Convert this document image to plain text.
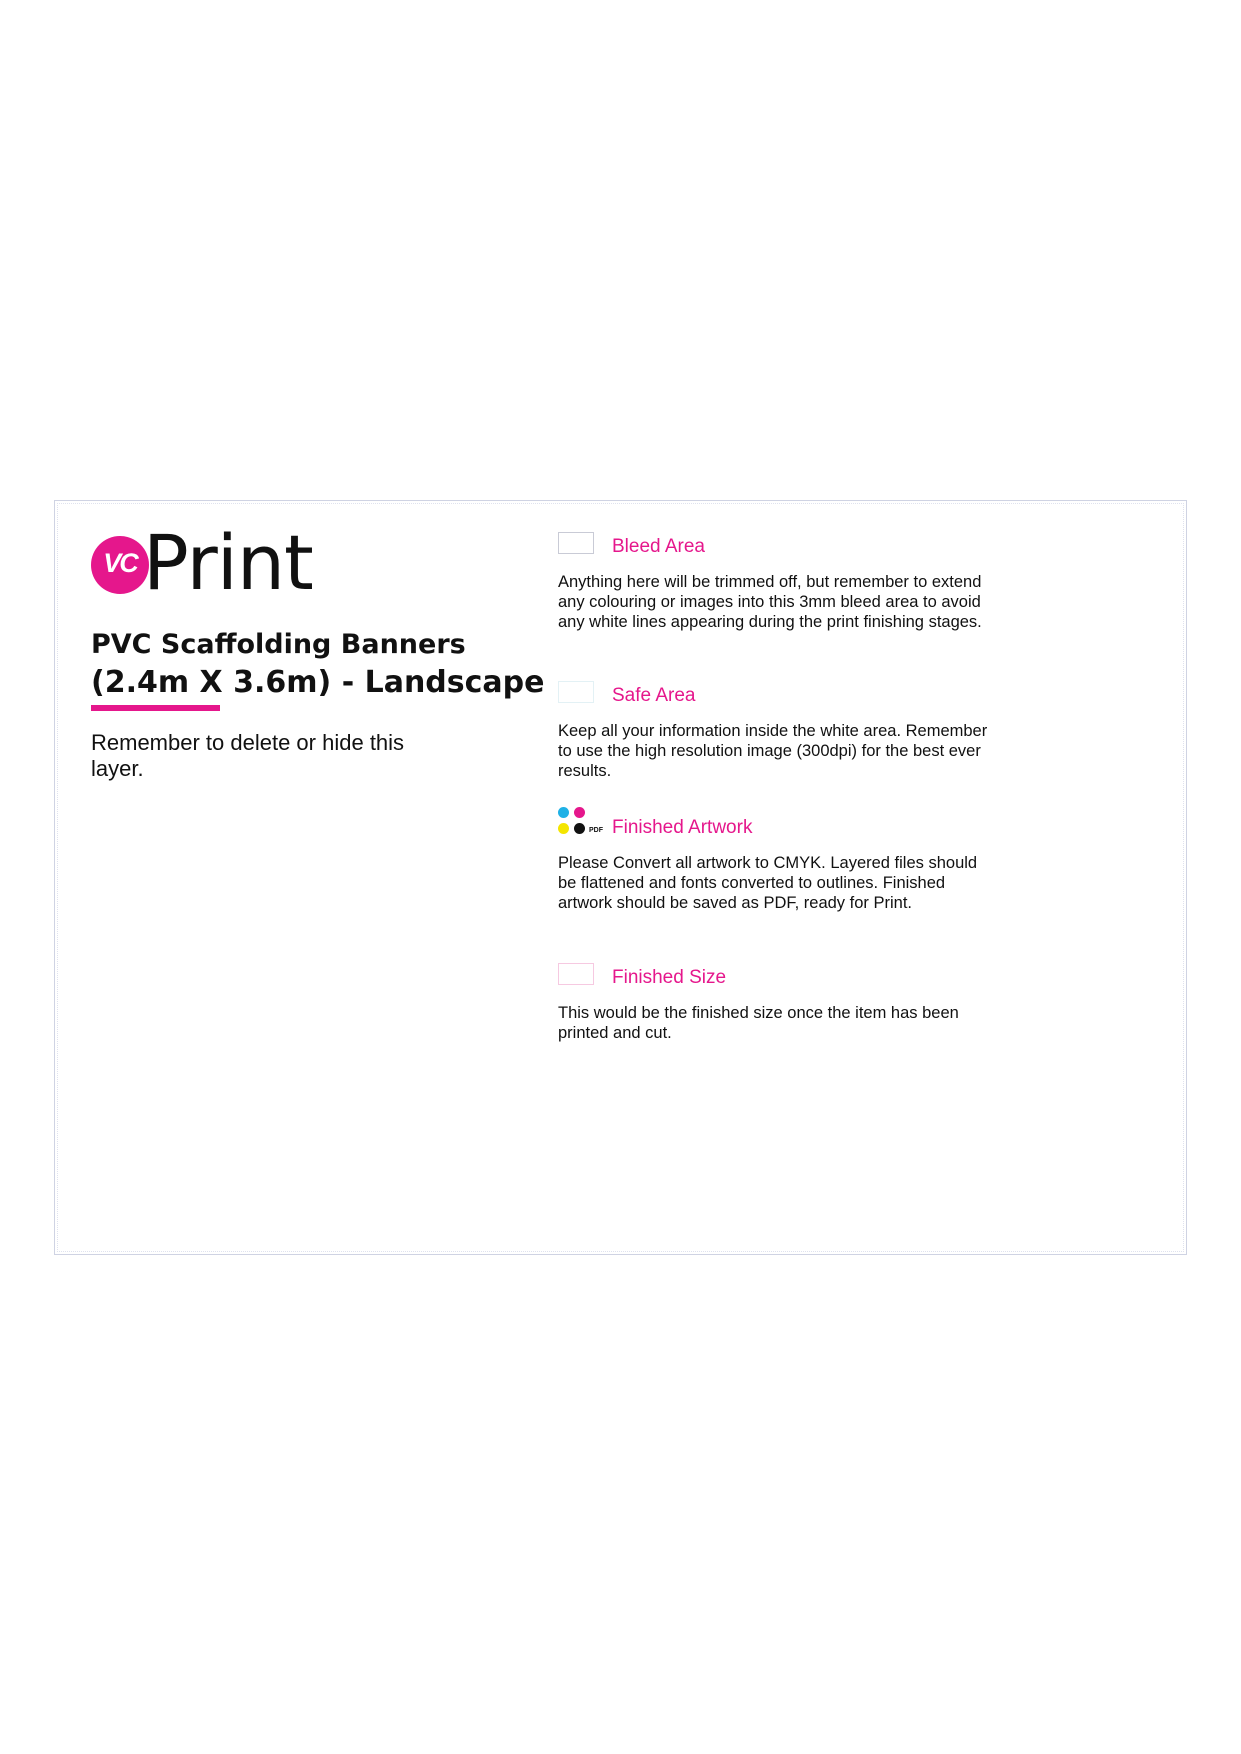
VC Print
PVC Scaffolding Banners
(2.4m X 3.6m) - Landscape
Remember to delete or hide this layer.
Bleed Area
Anything here will be trimmed off, but remember to extend any colouring or images into this 3mm bleed area to avoid any white lines appearing during the print finishing stages.
Safe Area
Keep all your information inside the white area. Remember to use the high resolution image (300dpi) for the best ever results.
PDF Finished Artwork
Please Convert all artwork to CMYK. Layered files should be flattened and fonts converted to outlines. Finished artwork should be saved as PDF, ready for Print.
Finished Size
This would be the finished size once the item has been printed and cut.
